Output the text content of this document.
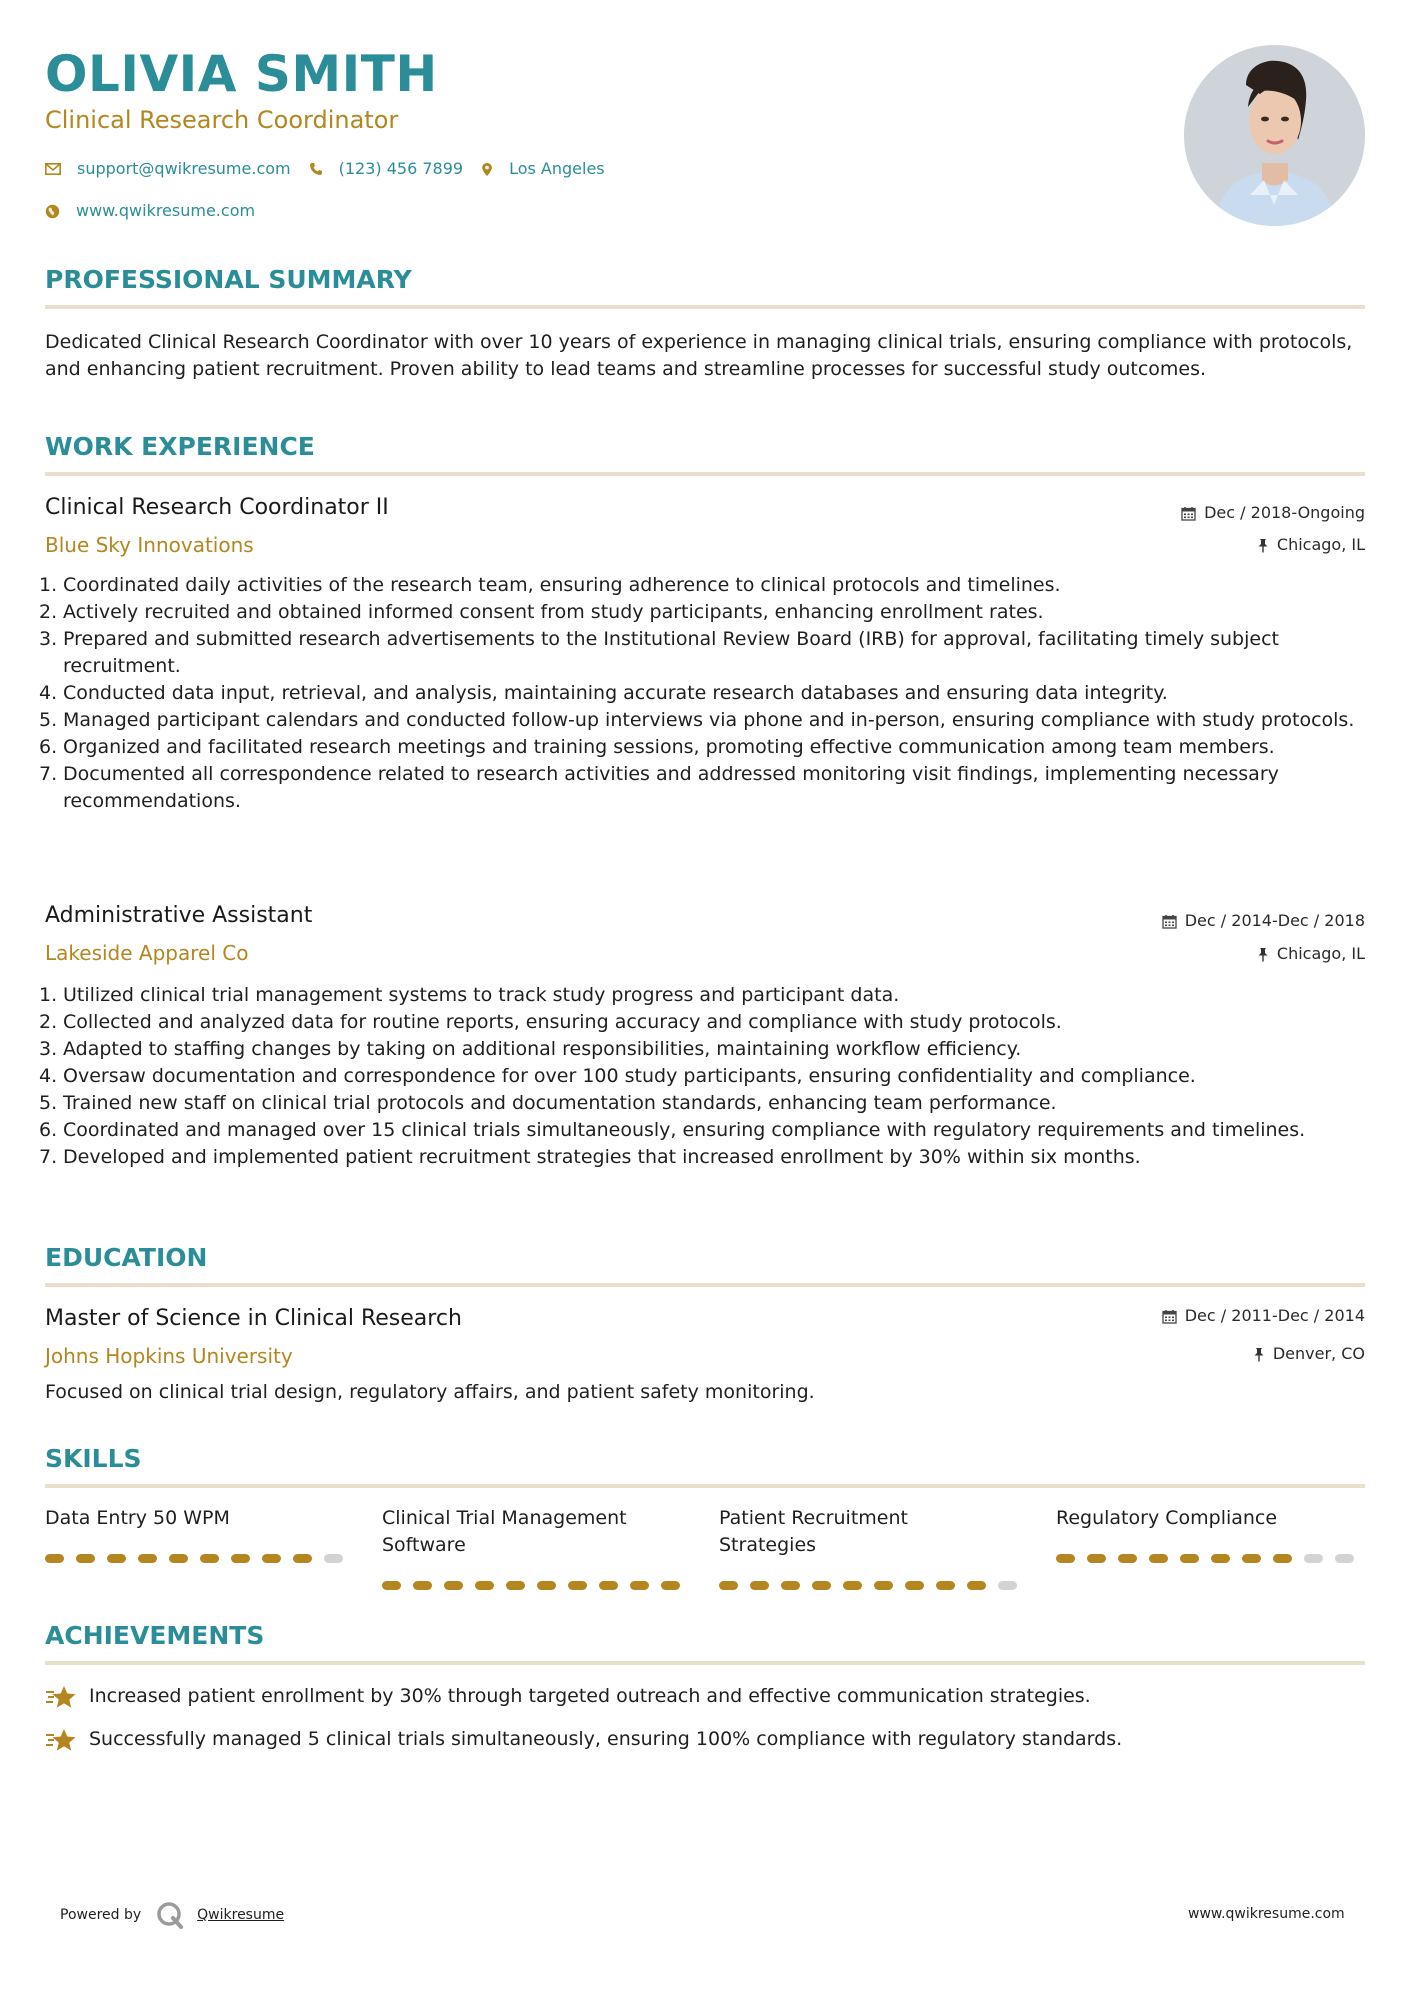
OLIVIA SMITH
Clinical Research Coordinator
support@qwikresume.com	(123) 456 7899	Los Angeles
www.qwikresume.com
PROFESSIONAL SUMMARY
Dedicated Clinical Research Coordinator with over 10 years of experience in managing clinical trials, ensuring compliance with protocols, and enhancing patient recruitment. Proven ability to lead teams and streamline processes for successful study outcomes.
WORK EXPERIENCE
Clinical Research Coordinator II	Dec / 2018-Ongoing
Blue Sky Innovations	Chicago, IL
1. Coordinated daily activities of the research team, ensuring adherence to clinical protocols and timelines.
2. Actively recruited and obtained informed consent from study participants, enhancing enrollment rates.
3. Prepared and submitted research advertisements to the Institutional Review Board (IRB) for approval, facilitating timely subject recruitment.
4. Conducted data input, retrieval, and analysis, maintaining accurate research databases and ensuring data integrity.
5. Managed participant calendars and conducted follow-up interviews via phone and in-person, ensuring compliance with study protocols.
6. Organized and facilitated research meetings and training sessions, promoting effective communication among team members.
7. Documented all correspondence related to research activities and addressed monitoring visit findings, implementing necessary recommendations.
Administrative Assistant	Dec / 2014-Dec / 2018
Lakeside Apparel Co	Chicago, IL
1. Utilized clinical trial management systems to track study progress and participant data.
2. Collected and analyzed data for routine reports, ensuring accuracy and compliance with study protocols.
3. Adapted to staffing changes by taking on additional responsibilities, maintaining workflow efficiency.
4. Oversaw documentation and correspondence for over 100 study participants, ensuring confidentiality and compliance.
5. Trained new staff on clinical trial protocols and documentation standards, enhancing team performance.
6. Coordinated and managed over 15 clinical trials simultaneously, ensuring compliance with regulatory requirements and timelines.
7. Developed and implemented patient recruitment strategies that increased enrollment by 30% within six months.
EDUCATION
Master of Science in Clinical Research	Dec / 2011-Dec / 2014
Johns Hopkins University	Denver, CO
Focused on clinical trial design, regulatory affairs, and patient safety monitoring.
SKILLS
Data Entry 50 WPM	Clinical Trial Management Software
Patient Recruitment Strategies
Regulatory Compliance
ACHIEVEMENTS
Increased patient enrollment by 30% through targeted outreach and effective communication strategies.
Successfully managed 5 clinical trials simultaneously, ensuring 100% compliance with regulatory standards.
Powered by	Qwikresume	www.qwikresume.com
